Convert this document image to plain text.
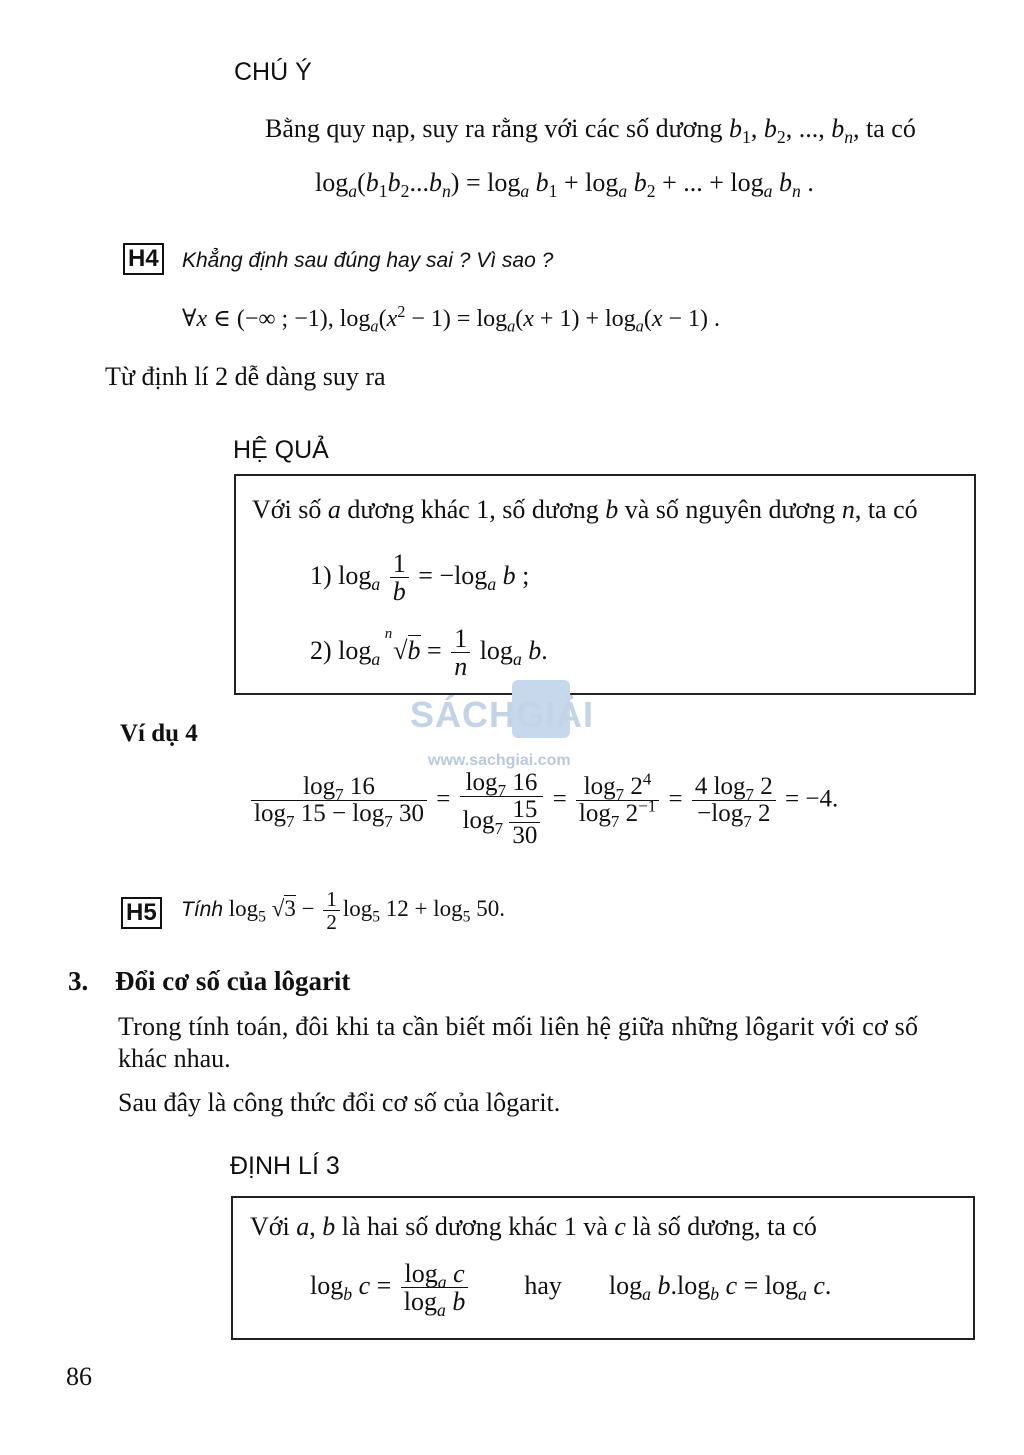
CHÚ Ý
Bằng quy nạp, suy ra rằng với các số dương $b_1$, $b_2$, ..., $b_n$, ta có
$\log_a(b_1b_2...b_n) = \log_a b_1 + \log_a b_2$ + ... + $\log_a b_n$ .
H4 Khẳng định sau đúng hay sai ? Vì sao ?
∀x ∈ (−∞ ; −1), $\log_a(x^2 - 1) = \log_a(x + 1) + \log_a(x - 1)$ .
Từ định lí 2 dễ dàng suy ra
HỆ QUẢ
Với số a dương khác 1, số dương b và số nguyên dương n, ta có
1) $\log_a \frac{1}{b} = -\log_a$ b ;
2) $\log_a$
n
$√b = \frac{1}{n} \log_a b$.
SÁCHGIẢI
www.sachgiai.com
Ví dụ 4
$\frac{\log_7 16}{\log_7 15 - \log_7 30} = \frac{\log_7 16}{\log_7 \frac{15}{30}} = \frac{\log_7 2^4}{\log_7 2^{-1}} = \frac{4 \log_7 2}{-\log_7 2} = -4$.
H5 Tính $\log_5 √3 - \frac{1}{2} \log_5 12 + \log_5 50$.
3. Đổi cơ số của lôgarit
Trong tính toán, đôi khi ta cần biết mối liên hệ giữa những lôgarit với cơ số
khác nhau.
Sau đây là công thức đổi cơ số của lôgarit.
ĐỊNH LÍ 3
Với a, b là hai số dương khác 1 và c là số dương, ta có
$\log_b c = \frac{\log_a c}{\log_a b}$ hay  $\log_a b.\log_b$ $c = \log_a c$.
86
